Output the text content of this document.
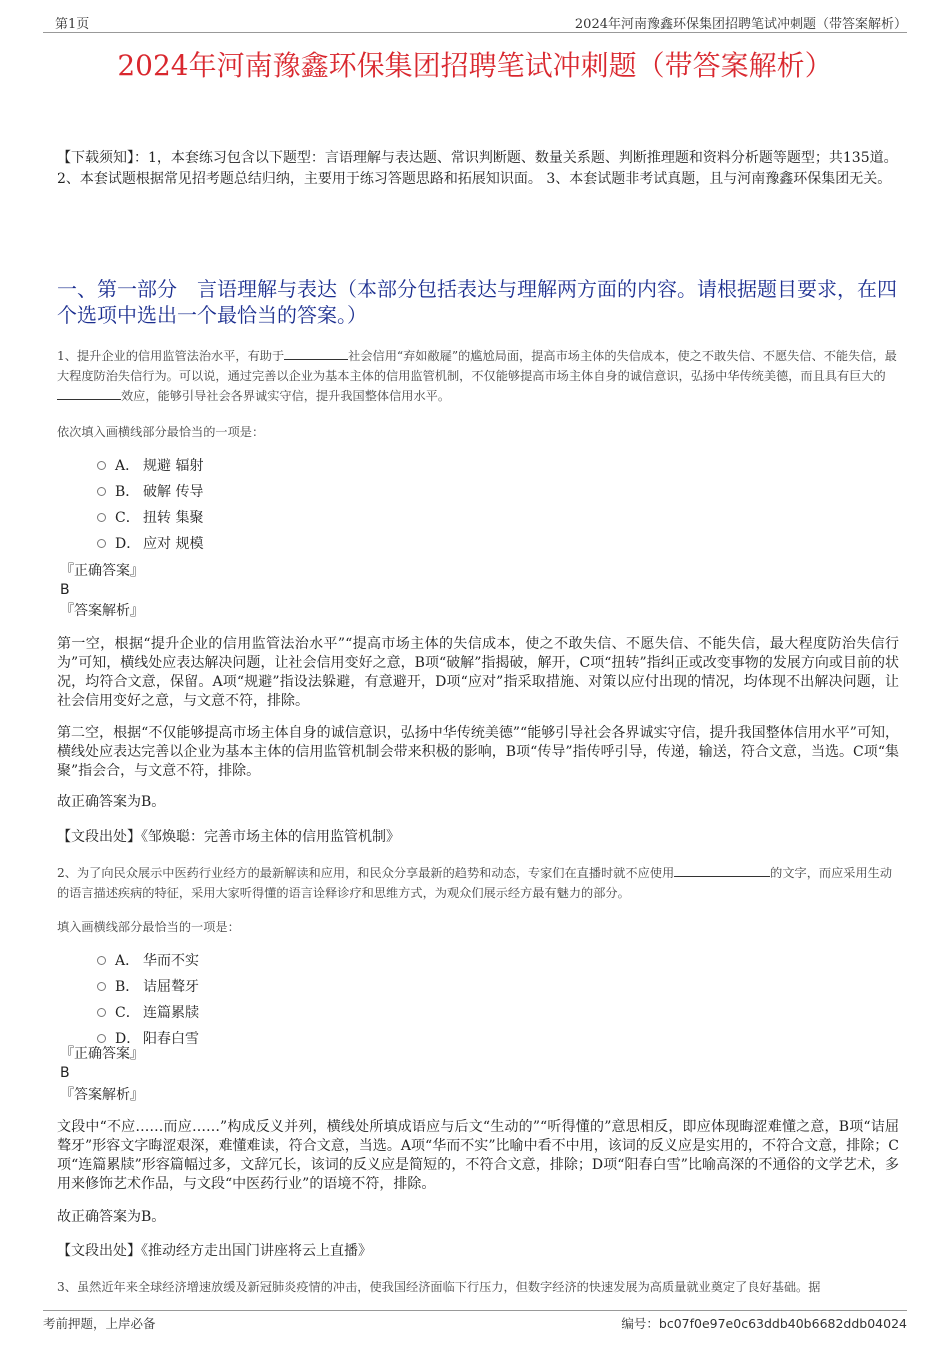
第1页	2024年河南豫鑫环保集团招聘笔试冲刺题（带答案解析）
2024年河南豫鑫环保集团招聘笔试冲刺题（带答案解析）
【下载须知】：1，本套练习包含以下题型：言语理解与表达题、常识判断题、数量关系题、判断推理题和资料分析题等题型；共135道。 2、本套试题根据常见招考题总结归纳，主要用于练习答题思路和拓展知识面。 3、本套试题非考试真题，且与河南豫鑫环保集团无关。
一、第一部分　言语理解与表达（本部分包括表达与理解两方面的内容。请根据题目要求，在四个选项中选出一个最恰当的答案。）
1、提升企业的信用监管法治水平，有助于	社会信用“弃如敝屣”的尴尬局面，提高市场主体的失信成本，使之不敢失信、不愿失信、不能失信，最大程度防治失信行为。可以说，通过完善以企业为基本主体的信用监管机制，不仅能够提高市场主体自身的诚信意识，弘扬中华传统美德，而且具有巨大的效应，能够引导社会各界诚实守信，提升我国整体信用水平。
依次填入画横线部分最恰当的一项是：
A． 规避 辐射
B． 破解 传导
C． 扭转 集聚
D． 应对 规模
『正确答案』
B
『答案解析』
第一空，根据“提升企业的信用监管法治水平”“提高市场主体的失信成本，使之不敢失信、不愿失信、不能失信，最大程度防治失信行为”可知，横线处应表达解决问题，让社会信用变好之意，B项“破解”指揭破，解开，C项“扭转”指纠正或改变事物的发展方向或目前的状况，均符合文意，保留。A项“规避”指设法躲避，有意避开，D项“应对”指采取措施、对策以应付出现的情况，均体现不出解决问题，让社会信用变好之意，与文意不符，排除。
第二空，根据“不仅能够提高市场主体自身的诚信意识，弘扬中华传统美德”“能够引导社会各界诚实守信，提升我国整体信用水平”可知，横线处应表达完善以企业为基本主体的信用监管机制会带来积极的影响，B项“传导”指传呼引导，传递，输送，符合文意，当选。C项“集聚”指会合，与文意不符，排除。
故正确答案为B。
【文段出处】《邹焕聪：完善市场主体的信用监管机制》
2、为了向民众展示中医药行业经方的最新解读和应用，和民众分享最新的趋势和动态，专家们在直播时就不应使用	的文字，而应采用生动的语言描述疾病的特征，采用大家听得懂的语言诠释诊疗和思维方式，为观众们展示经方最有魅力的部分。
填入画横线部分最恰当的一项是：
A． 华而不实
B． 诘屈聱牙
C． 连篇累牍
D． 阳春白雪
『正确答案』
B
『答案解析』
文段中“不应……而应……”构成反义并列，横线处所填成语应与后文“生动的”“听得懂的”意思相反，即应体现晦涩难懂之意，B项“诘屈聱牙”形容文字晦涩艰深，难懂难读，符合文意，当选。A项“华而不实”比喻中看不中用，该词的反义应是实用的，不符合文意，排除；C项“连篇累牍”形容篇幅过多，文辞冗长，该词的反义应是简短的，不符合文意，排除；D项“阳春白雪”比喻高深的不通俗的文学艺术，多用来修饰艺术作品，与文段“中医药行业”的语境不符，排除。
故正确答案为B。
【文段出处】《推动经方走出国门讲座将云上直播》
3、虽然近年来全球经济增速放缓及新冠肺炎疫情的冲击，使我国经济面临下行压力，但数字经济的快速发展为高质量就业奠定了良好基础。据
考前押题，上岸必备	编号：bc07f0e97e0c63ddb40b6682ddb04024
